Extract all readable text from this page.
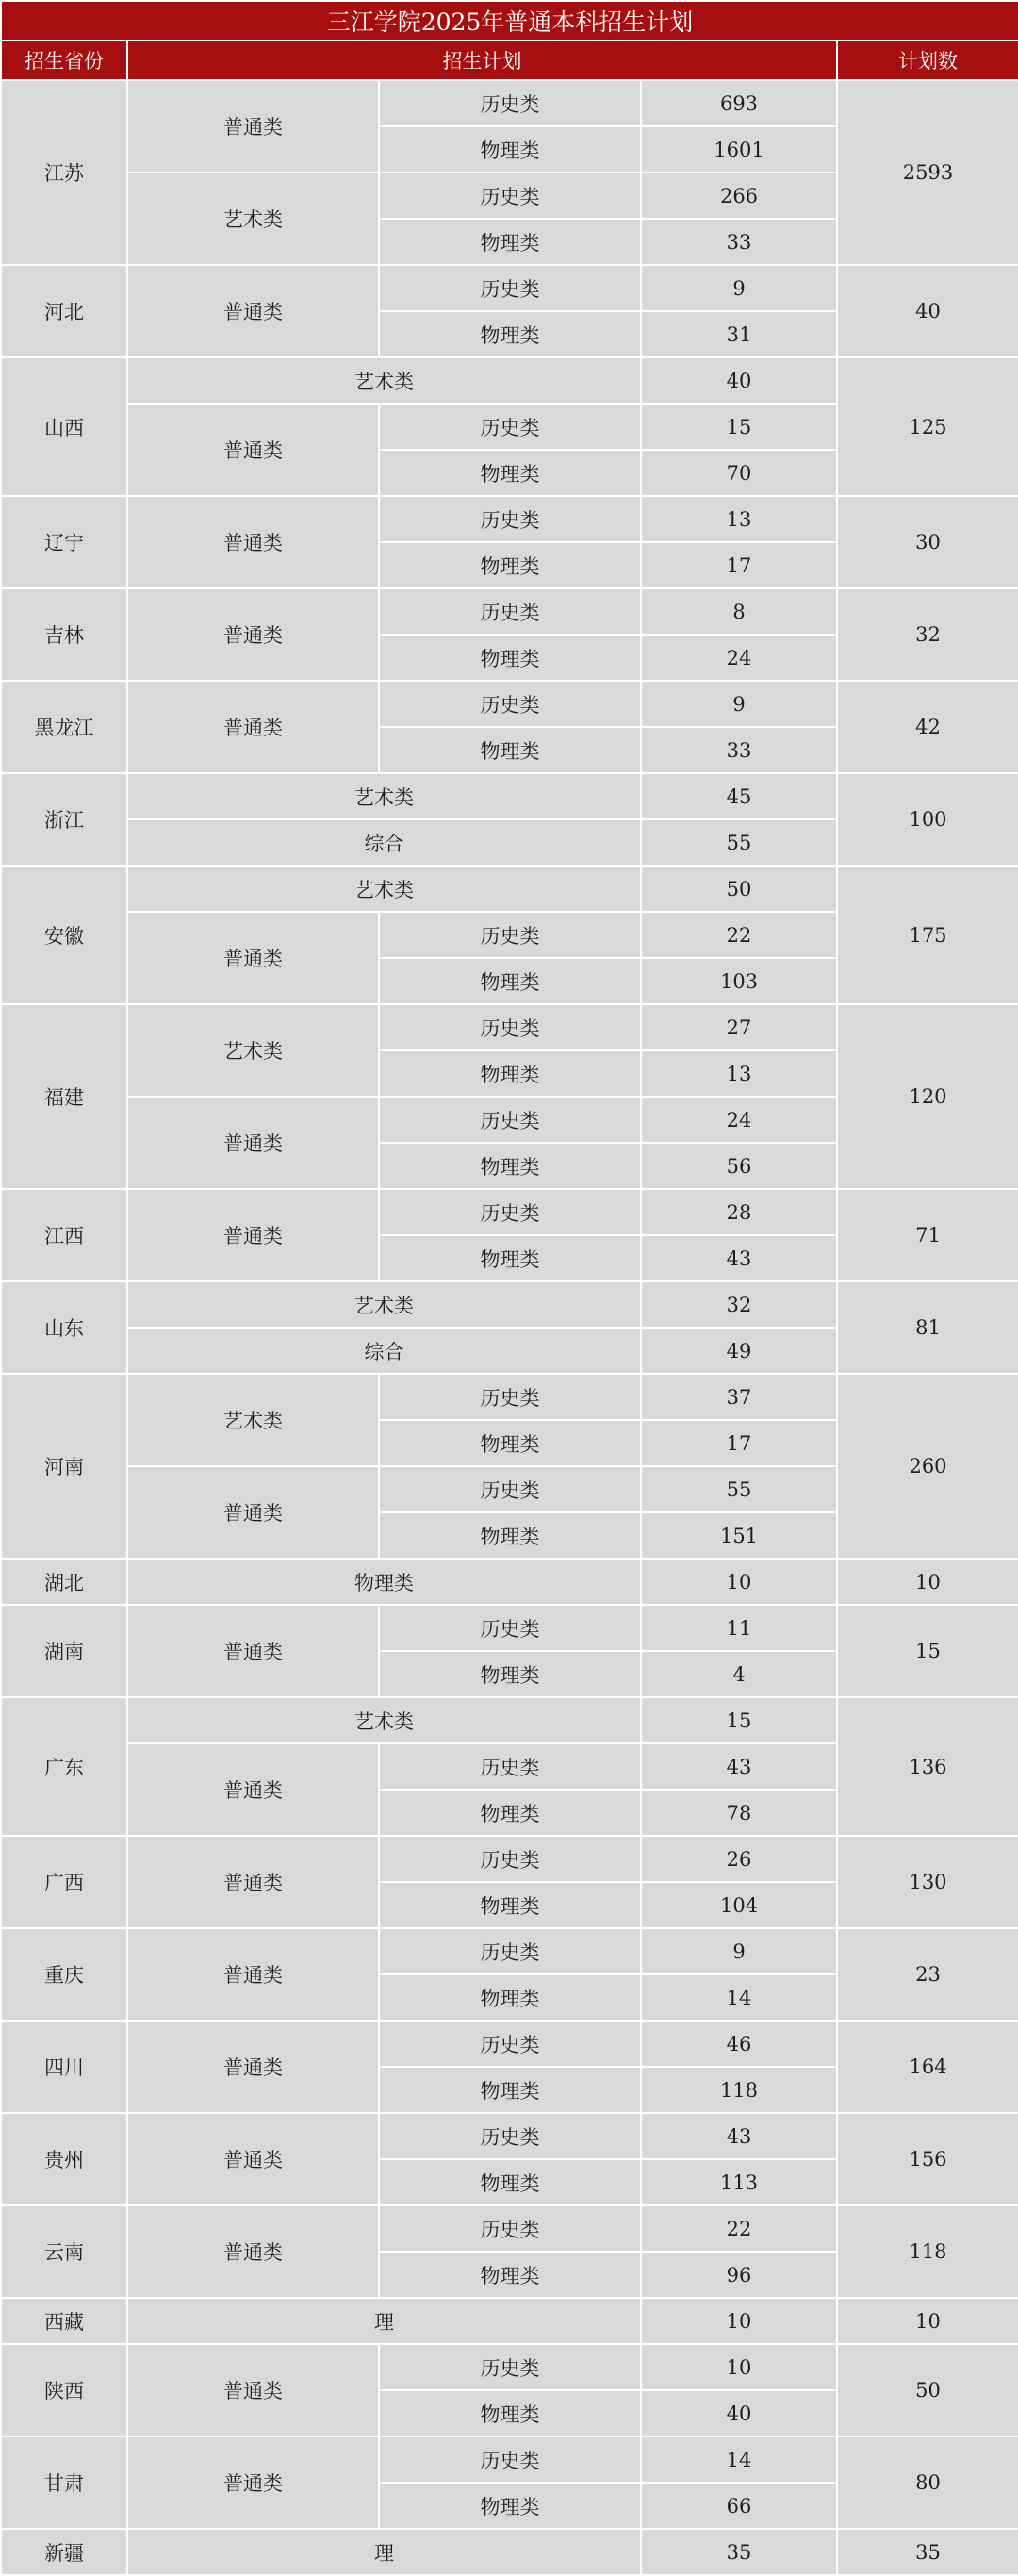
三江学院2025年普通本科招生计划				
招生省份	招生计划			计划数
江苏	普通类	历史类	693	2593
		物理类	1601	
	艺术类	历史类	266	
		物理类	33	
河北	普通类	历史类	9	40
		物理类	31	
山西	艺术类		40	125
	普通类	历史类	15	
		物理类	70	
辽宁	普通类	历史类	13	30
		物理类	17	
吉林	普通类	历史类	8	32
		物理类	24	
黑龙江	普通类	历史类	9	42
		物理类	33	
浙江	艺术类		45	100
	综合		55	
安徽	艺术类		50	175
	普通类	历史类	22	
		物理类	103	
福建	艺术类	历史类	27	120
		物理类	13	
	普通类	历史类	24	
		物理类	56	
江西	普通类	历史类	28	71
		物理类	43	
山东	艺术类		32	81
	综合		49	
河南	艺术类	历史类	37	260
		物理类	17	
	普通类	历史类	55	
		物理类	151	
湖北	物理类		10	10
湖南	普通类	历史类	11	15
		物理类	4	
广东	艺术类		15	136
	普通类	历史类	43	
		物理类	78	
广西	普通类	历史类	26	130
		物理类	104	
重庆	普通类	历史类	9	23
		物理类	14	
四川	普通类	历史类	46	164
		物理类	118	
贵州	普通类	历史类	43	156
		物理类	113	
云南	普通类	历史类	22	118
		物理类	96	
西藏	理		10	10
陕西	普通类	历史类	10	50
		物理类	40	
甘肃	普通类	历史类	14	80
		物理类	66	
新疆	理		35	35
